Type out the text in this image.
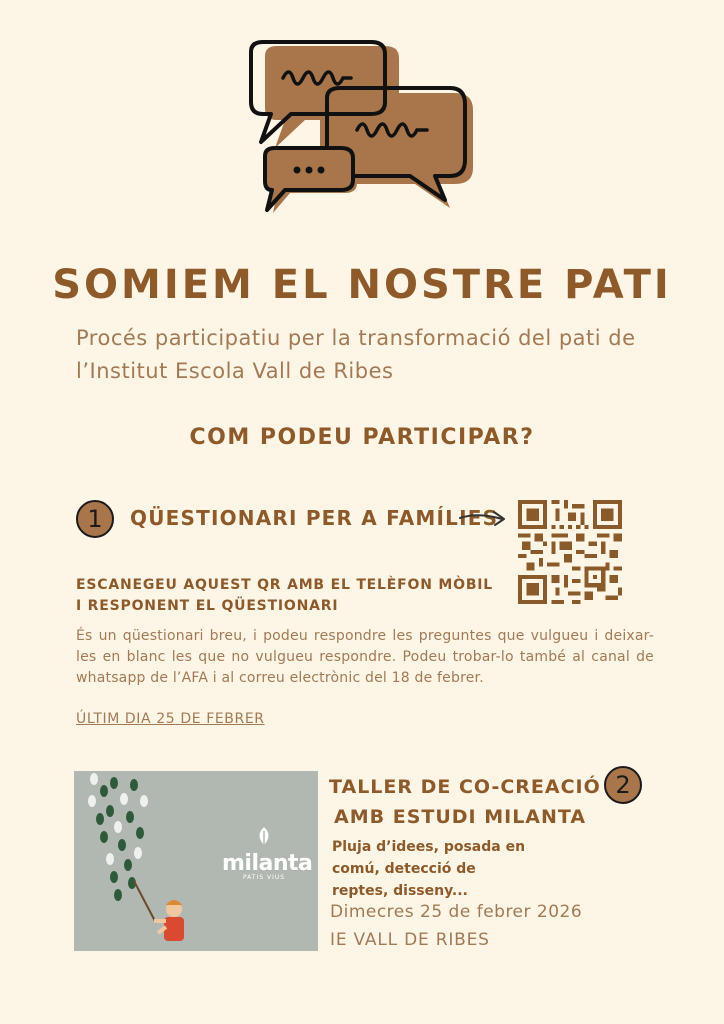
SOMIEM EL NOSTRE PATI
Procés participatiu per la transformació del pati de l’Institut Escola Vall de Ribes
COM PODEU PARTICIPAR?
1	QÜESTIONARI PER A FAMÍLIES
ESCANEGEU AQUEST QR AMB EL TELÈFON MÒBIL I RESPONENT EL QÜESTIONARI
És un qüestionari breu, i podeu respondre les preguntes que vulgueu i deixar-les en blanc les que no vulgueu respondre. Podeu trobar-lo també al canal de whatsapp de l’AFA i al correu electrònic del 18 de febrer.
ÚLTIM DIA 25 DE FEBRER
milanta
PATIS VIUS
TALLER DE CO-CREACIÓ 2
AMB ESTUDI MILANTA
Pluja d’idees, posada en comú, detecció de reptes, disseny...
Dimecres 25 de febrer 2026
IE VALL DE RIBES
